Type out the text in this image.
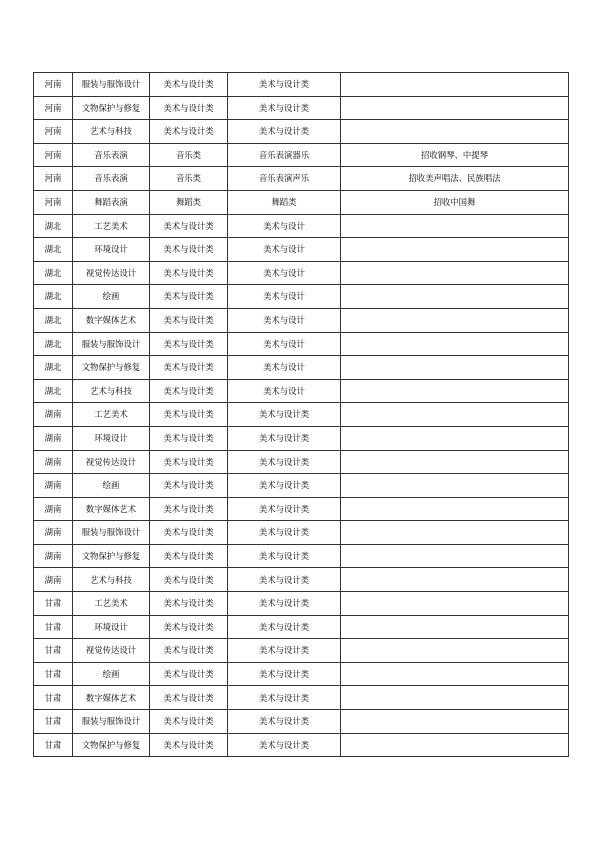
河南	服装与服饰设计	美术与设计类	美术与设计类	
河南	文物保护与修复	美术与设计类	美术与设计类	
河南	艺术与科技	美术与设计类	美术与设计类	
河南	音乐表演	音乐类	音乐表演器乐	招收钢琴、中提琴
河南	音乐表演	音乐类	音乐表演声乐	招收美声唱法、民族唱法
河南	舞蹈表演	舞蹈类	舞蹈类	招收中国舞
湖北	工艺美术	美术与设计类	美术与设计	
湖北	环境设计	美术与设计类	美术与设计	
湖北	视觉传达设计	美术与设计类	美术与设计	
湖北	绘画	美术与设计类	美术与设计	
湖北	数字媒体艺术	美术与设计类	美术与设计	
湖北	服装与服饰设计	美术与设计类	美术与设计	
湖北	文物保护与修复	美术与设计类	美术与设计	
湖北	艺术与科技	美术与设计类	美术与设计	
湖南	工艺美术	美术与设计类	美术与设计类	
湖南	环境设计	美术与设计类	美术与设计类	
湖南	视觉传达设计	美术与设计类	美术与设计类	
湖南	绘画	美术与设计类	美术与设计类	
湖南	数字媒体艺术	美术与设计类	美术与设计类	
湖南	服装与服饰设计	美术与设计类	美术与设计类	
湖南	文物保护与修复	美术与设计类	美术与设计类	
湖南	艺术与科技	美术与设计类	美术与设计类	
甘肃	工艺美术	美术与设计类	美术与设计类	
甘肃	环境设计	美术与设计类	美术与设计类	
甘肃	视觉传达设计	美术与设计类	美术与设计类	
甘肃	绘画	美术与设计类	美术与设计类	
甘肃	数字媒体艺术	美术与设计类	美术与设计类	
甘肃	服装与服饰设计	美术与设计类	美术与设计类	
甘肃	文物保护与修复	美术与设计类	美术与设计类	
